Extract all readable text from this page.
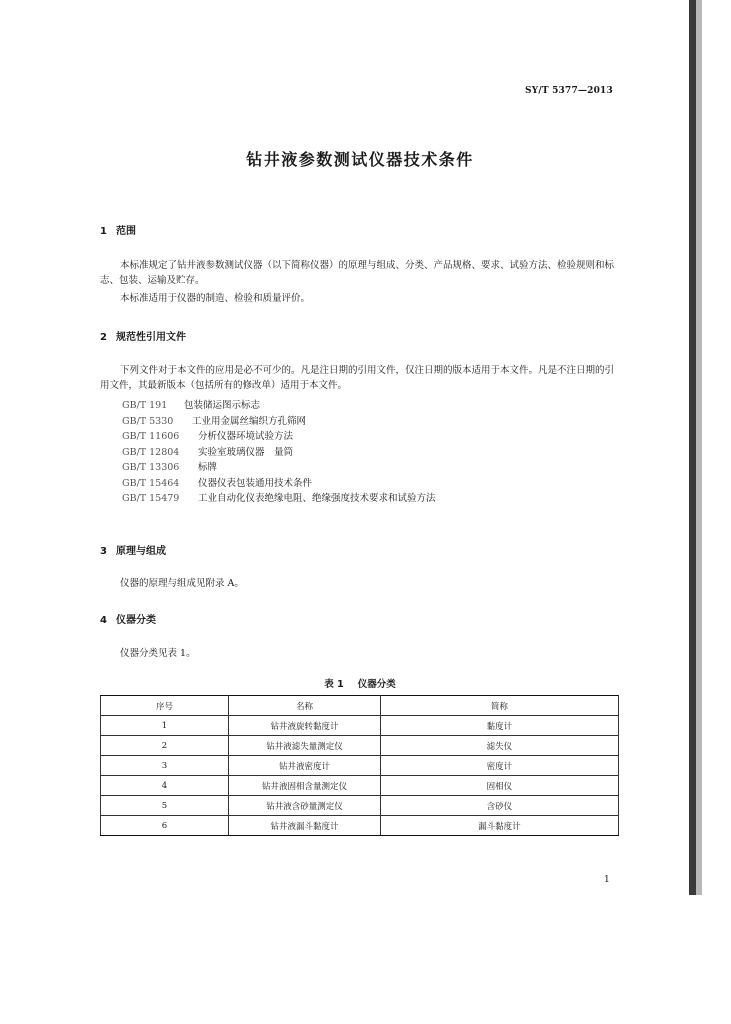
SY/T 5377—2013
钻井液参数测试仪器技术条件
1 范围
本标准规定了钻井液参数测试仪器（以下简称仪器）的原理与组成、分类、产品规格、要求、试验方法、检验规则和标志、包装、运输及贮存。
本标准适用于仪器的制造、检验和质量评价。
2 规范性引用文件
下列文件对于本文件的应用是必不可少的。凡是注日期的引用文件，仅注日期的版本适用于本文件。凡是不注日期的引用文件，其最新版本（包括所有的修改单）适用于本文件。
GB/T 191 包装储运图示标志
GB/T 5330 工业用金属丝编织方孔筛网
GB/T 11606 分析仪器环境试验方法
GB/T 12804 实验室玻璃仪器　量筒
GB/T 13306 标牌
GB/T 15464 仪器仪表包装通用技术条件
GB/T 15479 工业自动化仪表绝缘电阻、绝缘强度技术要求和试验方法
3 原理与组成
仪器的原理与组成见附录 A。
4 仪器分类
仪器分类见表 1。
表 1 仪器分类
序号	名称	简称
1	钻井液旋转黏度计	黏度计
2	钻井液滤失量测定仪	滤失仪
3	钻井液密度计	密度计
4	钻井液固相含量测定仪	固相仪
5	钻井液含砂量测定仪	含砂仪
6	钻井液漏斗黏度计	漏斗黏度计
1
